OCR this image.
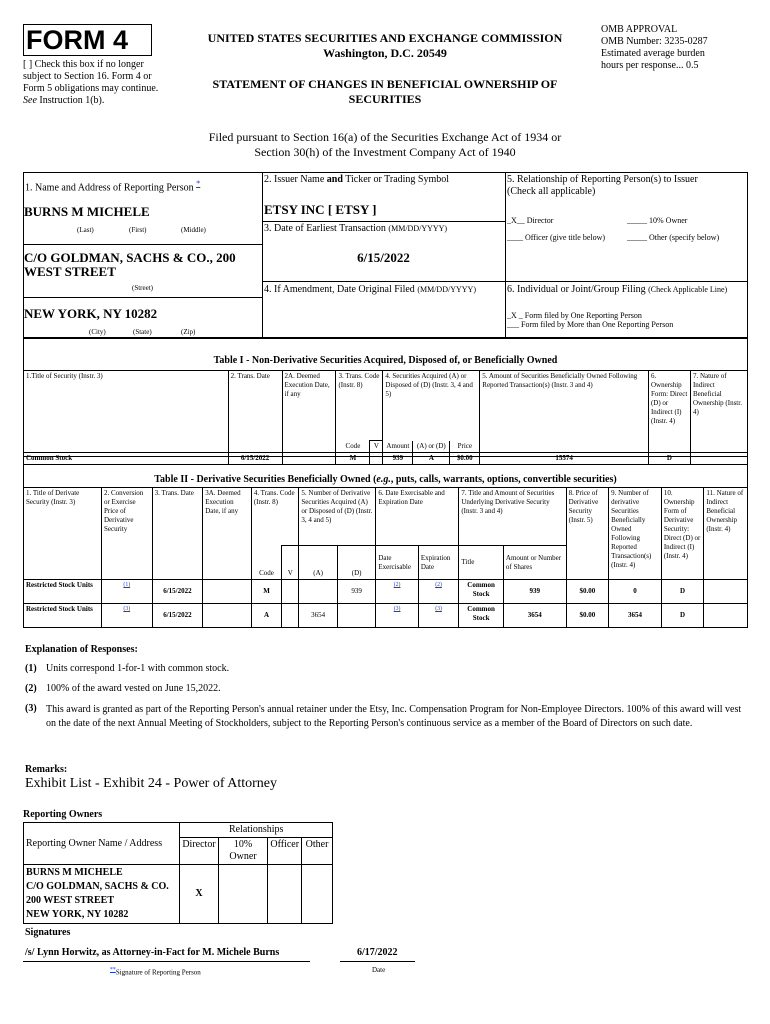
FORM 4
[ ] Check this box if no longer subject to Section 16. Form 4 or Form 5 obligations may continue. See Instruction 1(b).
UNITED STATES SECURITIES AND EXCHANGE COMMISSION
Washington, D.C. 20549
STATEMENT OF CHANGES IN BENEFICIAL OWNERSHIP OF SECURITIES
OMB APPROVAL
OMB Number: 3235-0287
Estimated average burden
hours per response... 0.5
Filed pursuant to Section 16(a) of the Securities Exchange Act of 1934 or
Section 30(h) of the Investment Company Act of 1940
1. Name and Address of Reporting Person *
BURNS M MICHELE
(Last)	(First)	(Middle)
C/O GOLDMAN, SACHS & CO., 200 WEST STREET
(Street)
NEW YORK, NY 10282
(City)	(State)	(Zip)
2. Issuer Name and Ticker or Trading Symbol
ETSY INC [ ETSY ]
3. Date of Earliest Transaction (MM/DD/YYYY)
6/15/2022
4. If Amendment, Date Original Filed (MM/DD/YYYY)
5. Relationship of Reporting Person(s) to Issuer
(Check all applicable)
_X__ Director	_____ 10% Owner
____ Officer (give title below)	_____ Other (specify below)
6. Individual or Joint/Group Filing (Check Applicable Line)
_X _ Form filed by One Reporting Person
___ Form filed by More than One Reporting Person
Table I - Non-Derivative Securities Acquired, Disposed of, or Beneficially Owned
1.Title of Security (Instr. 3)	2. Trans. Date	2A. Deemed Execution Date, if any	3. Trans. Code (Instr. 8)		4. Securities Acquired (A) or Disposed of (D) (Instr. 3, 4 and 5)			5. Amount of Securities Beneficially Owned Following Reported Transaction(s) (Instr. 3 and 4)	6. Ownership Form: Direct (D) or Indirect (I) (Instr. 4)	7. Nature of Indirect Beneficial Ownership (Instr. 4)
			Code	V	Amount	(A) or (D)	Price			
Common Stock	6/15/2022		M		939	A	$0.00	15574	D	
Table II - Derivative Securities Beneficially Owned (e.g., puts, calls, warrants, options, convertible securities)
1. Title of Derivate Security (Instr. 3)	2. Conversion or Exercise Price of Derivative Security	3. Trans. Date	3A. Deemed Execution Date, if any	4. Trans. Code (Instr. 8)		5. Number of Derivative Securities Acquired (A) or Disposed of (D) (Instr. 3, 4 and 5)		6. Date Exercisable and Expiration Date		7. Title and Amount of Securities Underlying Derivative Security (Instr. 3 and 4)		8. Price of Derivative Security (Instr. 5)	9. Number of derivative Securities Beneficially Owned Following Reported Transaction(s) (Instr. 4)	10. Ownership Form of Derivative Security: Direct (D) or Indirect (I) (Instr. 4)	11. Nature of Indirect Beneficial Ownership (Instr. 4)
				Code	V	(A)	(D)	Date Exercisable	Expiration Date	Title	Amount or Number of Shares				
Restricted Stock Units	$^{(1)}$	6/15/2022		M			939	$^{(2)}$	$^{(2)}$	Common Stock	939	$0.00	0	D	
Restricted Stock Units	$^{(3)}$	6/15/2022		A		3654		$^{(3)}$	$^{(3)}$	Common Stock	3654	$0.00	3654	D	
Explanation of Responses:
(1) Units correspond 1-for-1 with common stock.
(2) 100% of the award vested on June 15,2022.
(3) This award is granted as part of the Reporting Person's annual retainer under the Etsy, Inc. Compensation Program for Non-Employee Directors. 100% of this award will vest on the date of the next Annual Meeting of Stockholders, subject to the Reporting Person's continuous service as a member of the Board of Directors on such date.
Remarks:
Exhibit List - Exhibit 24 - Power of Attorney
Reporting Owners
Reporting Owner Name / Address	Relationships			
	Director	10% Owner	Officer	Other

BURNS M MICHELE
C/O GOLDMAN, SACHS & CO.
200 WEST STREET
NEW YORK, NY 10282	X			
Signatures
/s/ Lynn Horwitz, as Attorney-in-Fact for M. Michele Burns	6/17/2022
**Signature of Reporting Person	Date
